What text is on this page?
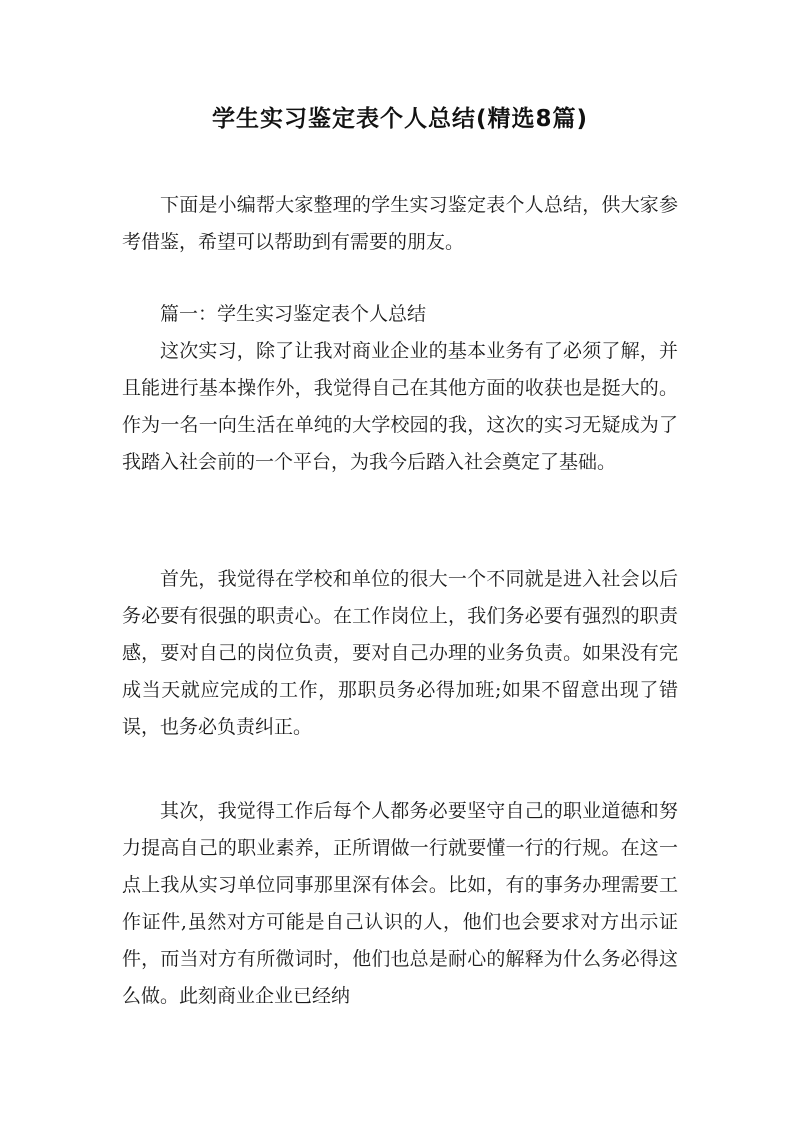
学生实习鉴定表个人总结(精选8篇)

下面是小编帮大家整理的学生实习鉴定表个人总结，供大家参考借鉴，希望可以帮助到有需要的朋友。

篇一：学生实习鉴定表个人总结

这次实习，除了让我对商业企业的基本业务有了必须了解，并且能进行基本操作外，我觉得自己在其他方面的收获也是挺大的。作为一名一向生活在单纯的大学校园的我，这次的实习无疑成为了我踏入社会前的一个平台，为我今后踏入社会奠定了基础。

首先，我觉得在学校和单位的很大一个不同就是进入社会以后务必要有很强的职责心。在工作岗位上，我们务必要有强烈的职责感，要对自己的岗位负责，要对自己办理的业务负责。如果没有完成当天就应完成的工作，那职员务必得加班;如果不留意出现了错误，也务必负责纠正。

其次，我觉得工作后每个人都务必要坚守自己的职业道德和努力提高自己的职业素养，正所谓做一行就要懂一行的行规。在这一点上我从实习单位同事那里深有体会。比如，有的事务办理需要工作证件,虽然对方可能是自己认识的人，他们也会要求对方出示证件，而当对方有所微词时，他们也总是耐心的解释为什么务必得这么做。此刻商业企业已经纳
